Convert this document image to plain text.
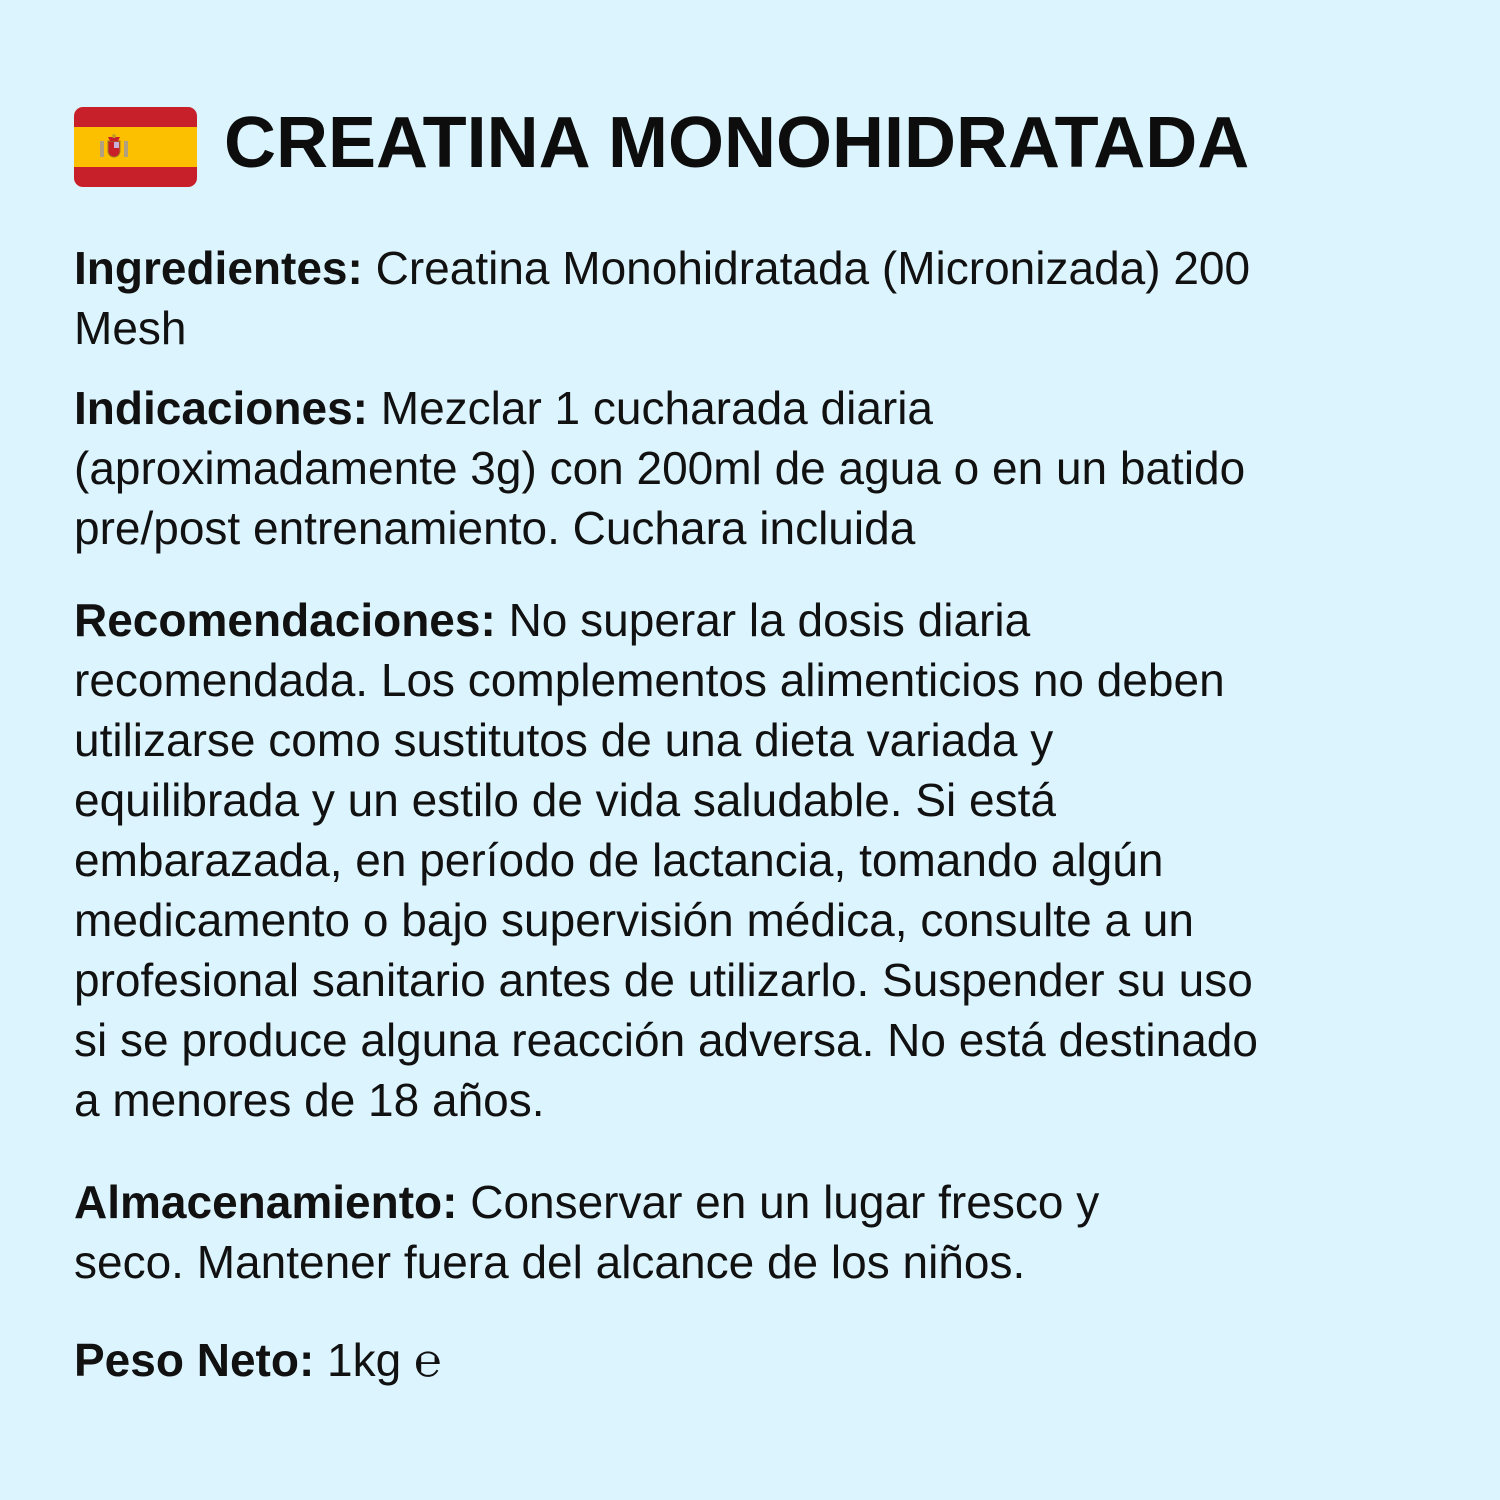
CREATINA MONOHIDRATADA
Ingredientes: Creatina Monohidratada (Micronizada) 200
Mesh
Indicaciones: Mezclar 1 cucharada diaria
(aproximadamente 3g) con 200ml de agua o en un batido
pre/post entrenamiento. Cuchara incluida
Recomendaciones: No superar la dosis diaria
recomendada. Los complementos alimenticios no deben
utilizarse como sustitutos de una dieta variada y
equilibrada y un estilo de vida saludable. Si está
embarazada, en período de lactancia, tomando algún
medicamento o bajo supervisión médica, consulte a un
profesional sanitario antes de utilizarlo. Suspender su uso
si se produce alguna reacción adversa. No está destinado
a menores de 18 años.
Almacenamiento: Conservar en un lugar fresco y
seco. Mantener fuera del alcance de los niños.
Peso Neto: 1kg ℮
